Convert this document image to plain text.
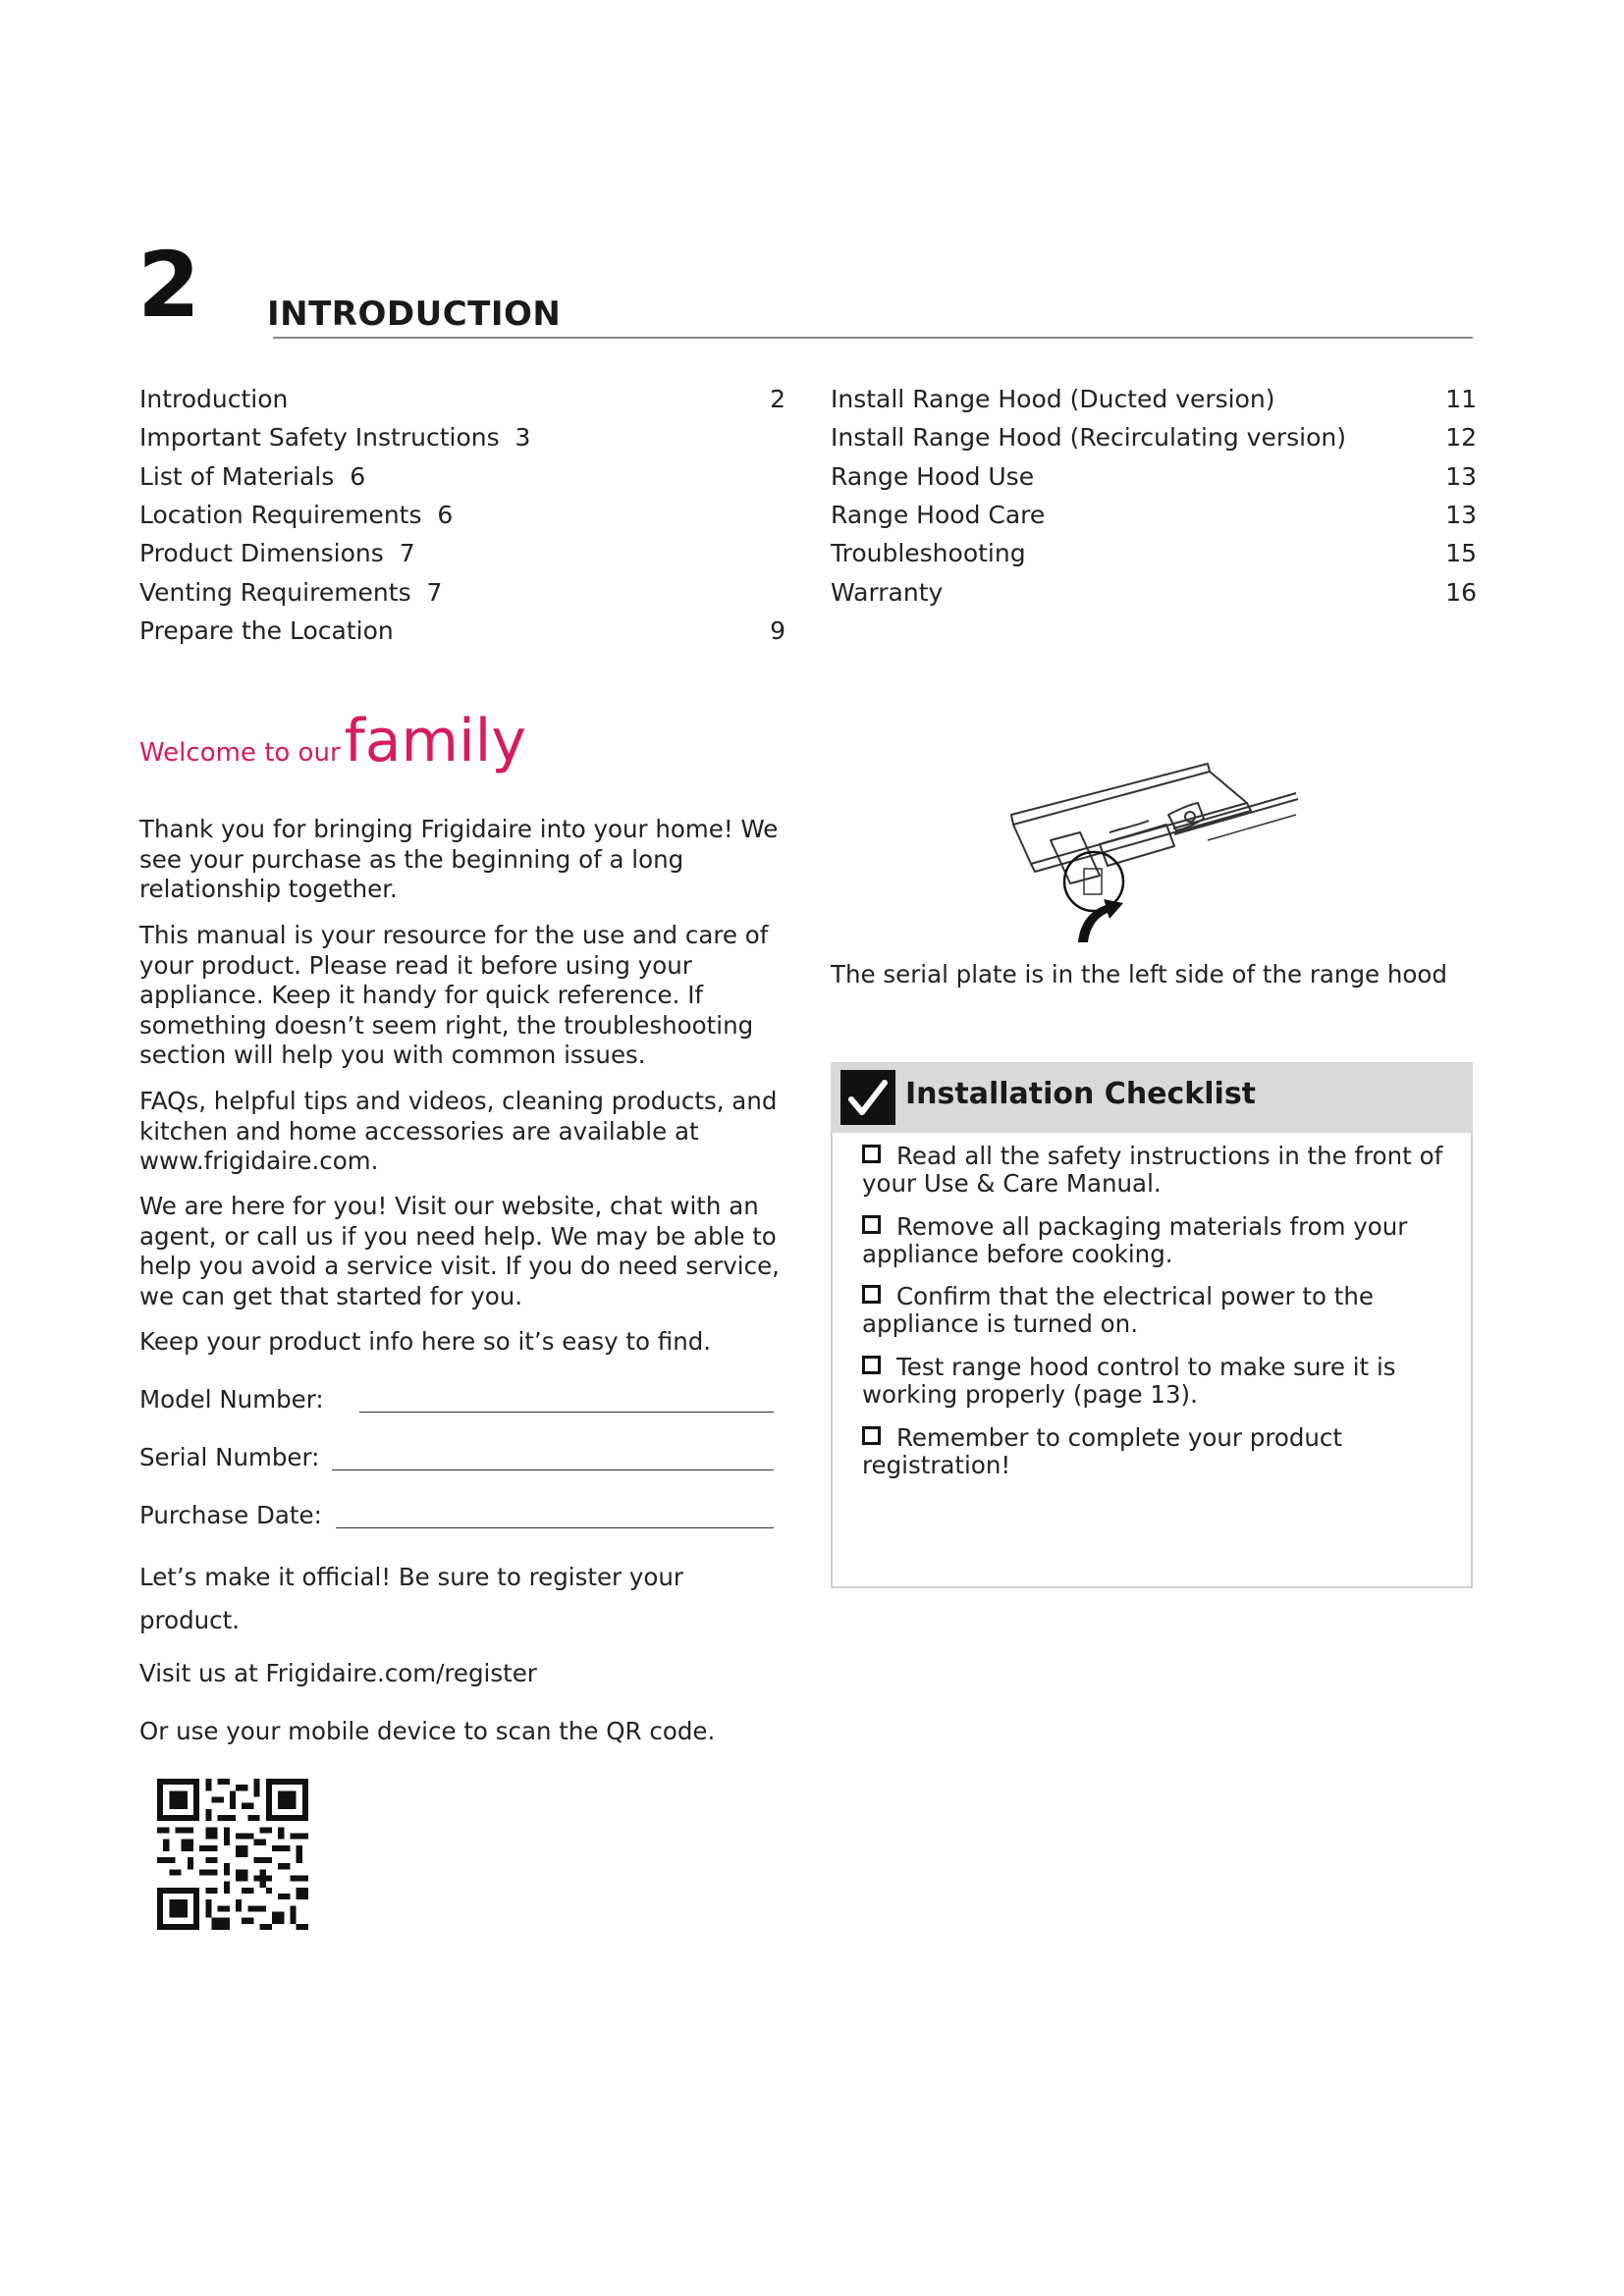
2 INTRODUCTION
Introduction	2
Important Safety Instructions 3
List of Materials 6
Location Requirements 6
Product Dimensions 7
Venting Requirements 7
Prepare the Location	9
Install Range Hood (Ducted version)	11
Install Range Hood (Recirculating version)	12
Range Hood Use	13
Range Hood Care	13
Troubleshooting	15
Warranty	16
Welcome to ourfamily
Thank you for bringing Frigidaire into your home! We see your purchase as the beginning of a long relationship together.
This manual is your resource for the use and care of your product. Please read it before using your appliance. Keep it handy for quick reference. If something doesn’t seem right, the troubleshooting section will help you with common issues.
FAQs, helpful tips and videos, cleaning products, and kitchen and home accessories are available at www.frigidaire.com.
We are here for you! Visit our website, chat with an agent, or call us if you need help. We may be able to help you avoid a service visit. If you do need service, we can get that started for you.
Keep your product info here so it’s easy to find.
Model Number:
Serial Number:
Purchase Date:
Let’s make it official! Be sure to register your product.
Visit us at Frigidaire.com/register
Or use your mobile device to scan the QR code.
The serial plate is in the left side of the range hood
Installation Checklist
Read all the safety instructions in the front of your Use & Care Manual.
Remove all packaging materials from your appliance before cooking.
Confirm that the electrical power to the appliance is turned on.
Test range hood control to make sure it is working properly (page 13).
Remember to complete your product registration!
